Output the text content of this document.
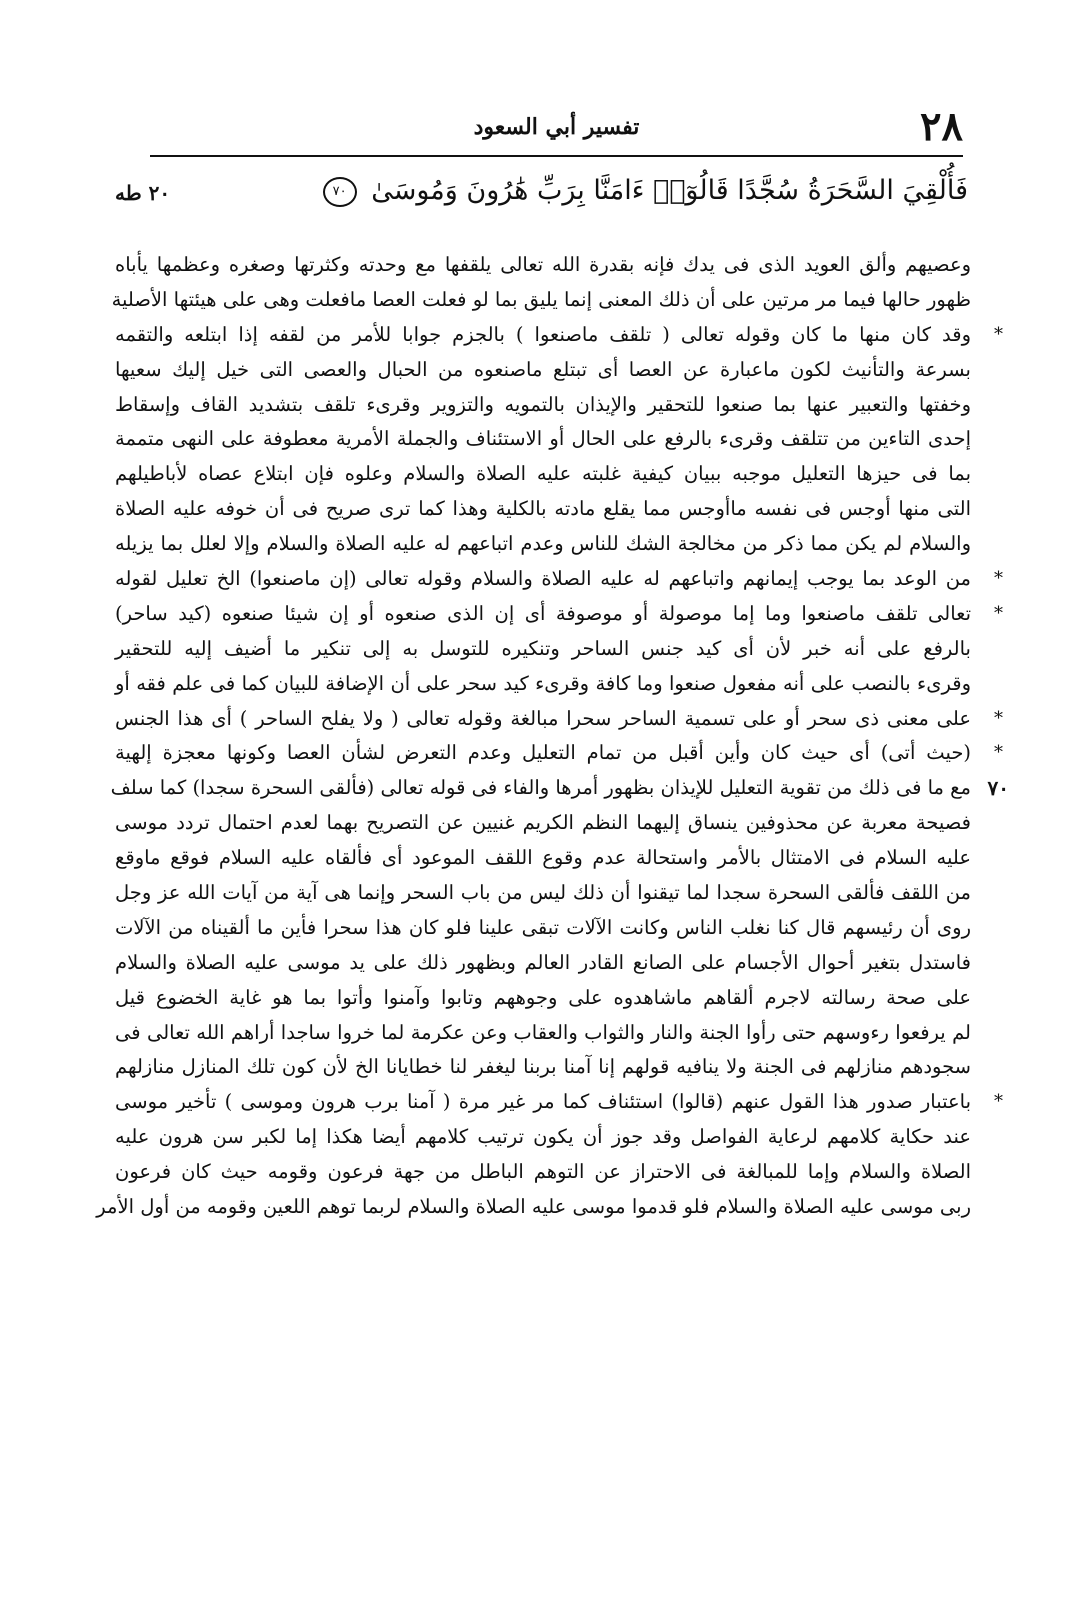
٢٨
تفسير أبي السعود
فَأُلْقِيَ السَّحَرَةُ سُجَّدًا قَالُوٓا۟ ءَامَنَّا بِرَبِّ هَٰرُونَ وَمُوسَىٰ ٧٠
٢٠ طه
وعصيهم وألق العويد الذى فى يدك فإنه بقدرة الله تعالى يلقفها مع وحدته وكثرتها وصغره وعظمها يأباه
ظهور حالها فيما مر مرتين على أن ذلك المعنى إنما يليق بما لو فعلت العصا مافعلت وهى على هيئتها الأصلية
*
وقد كان منها ما كان وقوله تعالى ( تلقف ماصنعوا ) بالجزم جوابا للأمر من لقفه إذا ابتلعه والتقمه
بسرعة والتأنيث لكون ماعبارة عن العصا أى تبتلع ماصنعوه من الحبال والعصى التى خيل إليك سعيها
وخفتها والتعبير عنها بما صنعوا للتحقير والإيذان بالتمويه والتزوير وقرىء تلقف بتشديد القاف وإسقاط
إحدى التاءين من تتلقف وقرىء بالرفع على الحال أو الاستئناف والجملة الأمرية معطوفة على النهى متممة
بما فى حيزها التعليل موجبه ببيان كيفية غلبته عليه الصلاة والسلام وعلوه فإن ابتلاع عصاه لأباطيلهم
التى منها أوجس فى نفسه ماأوجس مما يقلع مادته بالكلية وهذا كما ترى صريح فى أن خوفه عليه الصلاة
والسلام لم يكن مما ذكر من مخالجة الشك للناس وعدم اتباعهم له عليه الصلاة والسلام وإلا لعلل بما يزيله
*
من الوعد بما يوجب إيمانهم واتباعهم له عليه الصلاة والسلام وقوله تعالى (إن ماصنعوا) الخ تعليل لقوله
*
تعالى تلقف ماصنعوا وما إما موصولة أو موصوفة أى إن الذى صنعوه أو إن شيئا صنعوه (كيد ساحر)
بالرفع على أنه خبر لأن أى كيد جنس الساحر وتنكيره للتوسل به إلى تنكير ما أضيف إليه للتحقير
وقرىء بالنصب على أنه مفعول صنعوا وما كافة وقرىء كيد سحر على أن الإضافة للبيان كما فى علم فقه أو
*
على معنى ذى سحر أو على تسمية الساحر سحرا مبالغة وقوله تعالى ( ولا يفلح الساحر ) أى هذا الجنس
*
(حيث أتى) أى حيث كان وأين أقبل من تمام التعليل وعدم التعرض لشأن العصا وكونها معجزة إلهية
٧٠
مع ما فى ذلك من تقوية التعليل للإيذان بظهور أمرها والفاء فى قوله تعالى (فألقى السحرة سجدا) كما سلف
فصيحة معربة عن محذوفين ينساق إليهما النظم الكريم غنيين عن التصريح بهما لعدم احتمال تردد موسى
عليه السلام فى الامتثال بالأمر واستحالة عدم وقوع اللقف الموعود أى فألقاه عليه السلام فوقع ماوقع
من اللقف فألقى السحرة سجدا لما تيقنوا أن ذلك ليس من باب السحر وإنما هى آية من آيات الله عز وجل
روى أن رئيسهم قال كنا نغلب الناس وكانت الآلات تبقى علينا فلو كان هذا سحرا فأين ما ألقيناه من الآلات
فاستدل بتغير أحوال الأجسام على الصانع القادر العالم وبظهور ذلك على يد موسى عليه الصلاة والسلام
على صحة رسالته لاجرم ألقاهم ماشاهدوه على وجوههم وتابوا وآمنوا وأتوا بما هو غاية الخضوع قيل
لم يرفعوا رءوسهم حتى رأوا الجنة والنار والثواب والعقاب وعن عكرمة لما خروا ساجدا أراهم الله تعالى فى
سجودهم منازلهم فى الجنة ولا ينافيه قولهم إنا آمنا بربنا ليغفر لنا خطايانا الخ لأن كون تلك المنازل منازلهم
*
باعتبار صدور هذا القول عنهم (قالوا) استئناف كما مر غير مرة ( آمنا برب هرون وموسى ) تأخير موسى
عند حكاية كلامهم لرعاية الفواصل وقد جوز أن يكون ترتيب كلامهم أيضا هكذا إما لكبر سن هرون عليه
الصلاة والسلام وإما للمبالغة فى الاحتراز عن التوهم الباطل من جهة فرعون وقومه حيث كان فرعون
ربى موسى عليه الصلاة والسلام فلو قدموا موسى عليه الصلاة والسلام لربما توهم اللعين وقومه من أول الأمر
